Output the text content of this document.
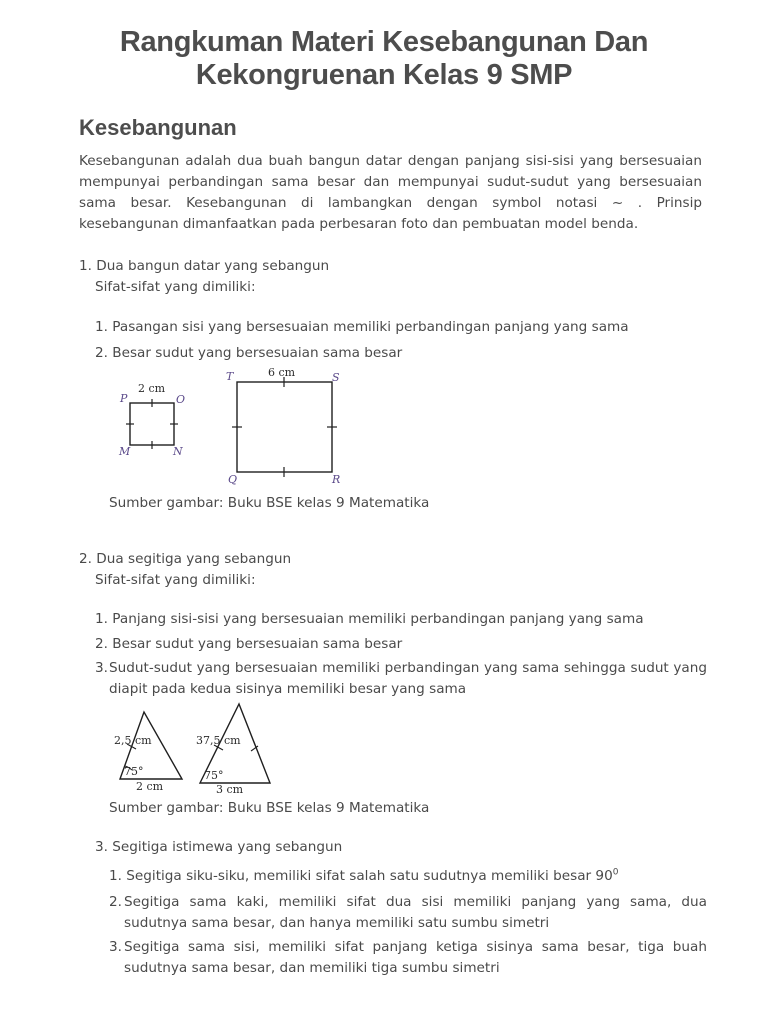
Rangkuman Materi Kesebangunan Dan
Kekongruenan Kelas 9 SMP
Kesebangunan
Kesebangunan adalah dua buah bangun datar dengan panjang sisi-sisi yang bersesuaian mempunyai perbandingan sama besar dan mempunyai sudut-sudut yang bersesuaian sama besar. Kesebangunan di lambangkan dengan symbol notasi ~ . Prinsip kesebangunan dimanfaatkan pada perbesaran foto dan pembuatan model benda.
1. Dua bangun datar yang sebangun
Sifat-sifat yang dimiliki:
1. Pasangan sisi yang bersesuaian memiliki perbandingan panjang yang sama
2. Besar sudut yang bersesuaian sama besar
2 cm
P	O
M	N
6 cm
T	S
Q	R
Sumber gambar: Buku BSE kelas 9 Matematika
2. Dua segitiga yang sebangun
Sifat-sifat yang dimiliki:
1. Panjang sisi-sisi yang bersesuaian memiliki perbandingan panjang yang sama
2. Besar sudut yang bersesuaian sama besar
3. Sudut-sudut yang bersesuaian memiliki perbandingan yang sama sehingga sudut yang diapit pada kedua sisinya memiliki besar yang sama
2,5 cm
75°
2 cm
37,5 cm
75°
3 cm
Sumber gambar: Buku BSE kelas 9 Matematika
3. Segitiga istimewa yang sebangun
1. Segitiga siku-siku, memiliki sifat salah satu sudutnya memiliki besar $90^0$
2. Segitiga sama kaki, memiliki sifat dua sisi memiliki panjang yang sama, dua sudutnya sama besar, dan hanya memiliki satu sumbu simetri
3. Segitiga sama sisi, memiliki sifat panjang ketiga sisinya sama besar, tiga buah sudutnya sama besar, dan memiliki tiga sumbu simetri
